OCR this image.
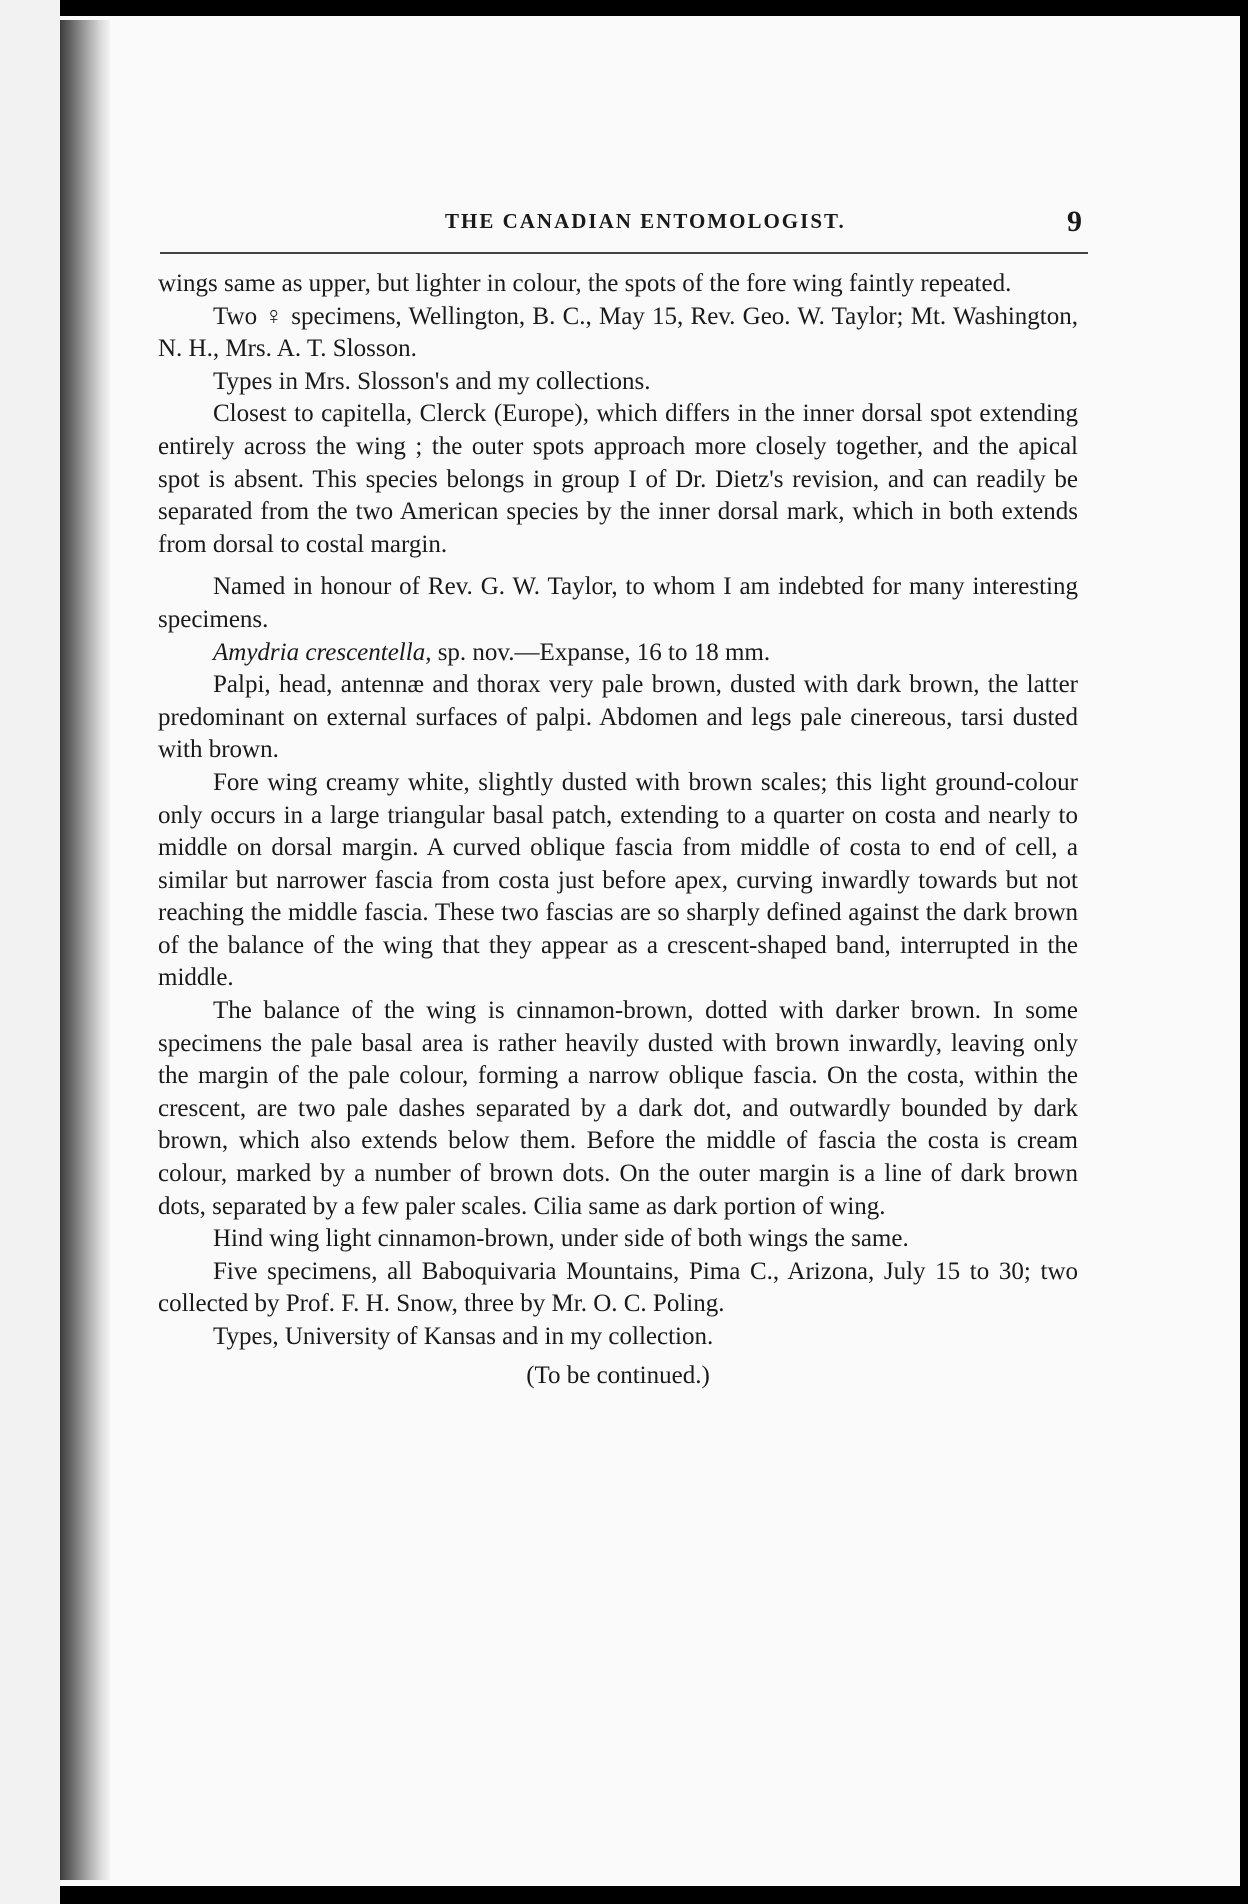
THE CANADIAN ENTOMOLOGIST.	9

wings same as upper, but lighter in colour, the spots of the fore wing faintly repeated.

Two ♀ specimens, Wellington, B. C., May 15, Rev. Geo. W. Taylor; Mt. Washington, N. H., Mrs. A. T. Slosson.

Types in Mrs. Slosson's and my collections.

Closest to capitella, Clerck (Europe), which differs in the inner dorsal spot extending entirely across the wing ; the outer spots approach more closely together, and the apical spot is absent. This species belongs in group I of Dr. Dietz's revision, and can readily be separated from the two American species by the inner dorsal mark, which in both extends from dorsal to costal margin.

Named in honour of Rev. G. W. Taylor, to whom I am indebted for many interesting specimens.

Amydria crescentella, sp. nov.—Expanse, 16 to 18 mm.

Palpi, head, antennæ and thorax very pale brown, dusted with dark brown, the latter predominant on external surfaces of palpi. Abdomen and legs pale cinereous, tarsi dusted with brown.

Fore wing creamy white, slightly dusted with brown scales; this light ground-colour only occurs in a large triangular basal patch, extending to a quarter on costa and nearly to middle on dorsal margin. A curved oblique fascia from middle of costa to end of cell, a similar but narrower fascia from costa just before apex, curving inwardly towards but not reaching the middle fascia. These two fascias are so sharply defined against the dark brown of the balance of the wing that they appear as a crescent-shaped band, interrupted in the middle.

The balance of the wing is cinnamon-brown, dotted with darker brown. In some specimens the pale basal area is rather heavily dusted with brown inwardly, leaving only the margin of the pale colour, forming a narrow oblique fascia. On the costa, within the crescent, are two pale dashes separated by a dark dot, and outwardly bounded by dark brown, which also extends below them. Before the middle of fascia the costa is cream colour, marked by a number of brown dots. On the outer margin is a line of dark brown dots, separated by a few paler scales. Cilia same as dark portion of wing.

Hind wing light cinnamon-brown, under side of both wings the same.

Five specimens, all Baboquivaria Mountains, Pima C., Arizona, July 15 to 30; two collected by Prof. F. H. Snow, three by Mr. O. C. Poling.

Types, University of Kansas and in my collection.

(To be continued.)
